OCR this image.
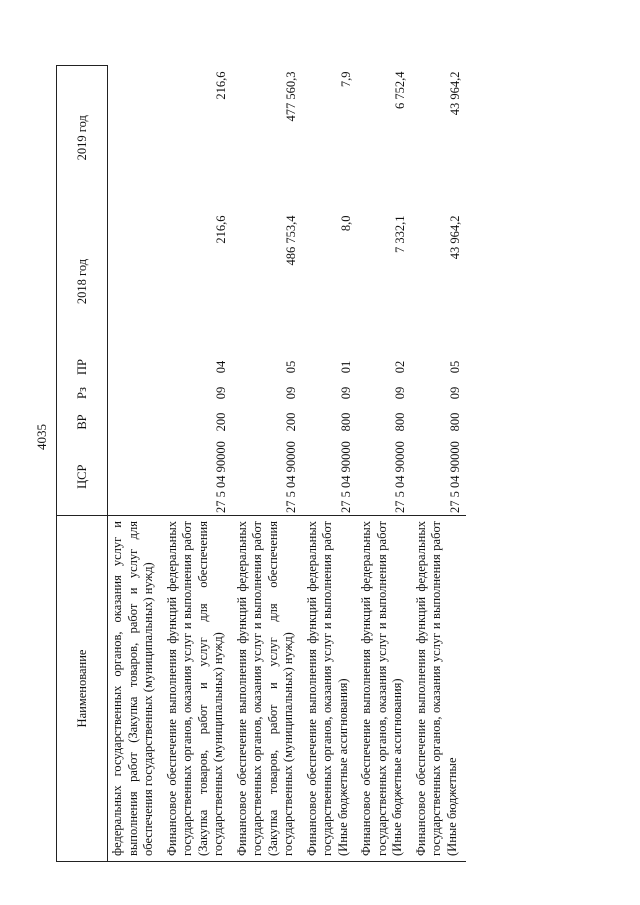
4035
Наименование	ЦСР	ВР	Рз	ПР	2018 год	2019 год
федеральных государственных органов, оказания услуг и выполнения работ (Закупка товаров, работ и услуг для обеспечения государственных (муниципальных) нужд)						
Финансовое обеспечение выполнения функций федеральных государственных органов, оказания услуг и выполнения работ (Закупка товаров, работ и услуг для обеспечения государственных (муниципальных) нужд)	27 5 04 90000	200	09	04	216,6	216,6
Финансовое обеспечение выполнения функций федеральных государственных органов, оказания услуг и выполнения работ (Закупка товаров, работ и услуг для обеспечения государственных (муниципальных) нужд)	27 5 04 90000	200	09	05	486 753,4	477 560,3
Финансовое обеспечение выполнения функций федеральных государственных органов, оказания услуг и выполнения работ (Иные бюджетные ассигнования)	27 5 04 90000	800	09	01	8,0	7,9
Финансовое обеспечение выполнения функций федеральных государственных органов, оказания услуг и выполнения работ (Иные бюджетные ассигнования)	27 5 04 90000	800	09	02	7 332,1	6 752,4
Финансовое обеспечение выполнения функций федеральных государственных органов, оказания услуг и выполнения работ (Иные бюджетные	27 5 04 90000	800	09	05	43 964,2	43 964,2
